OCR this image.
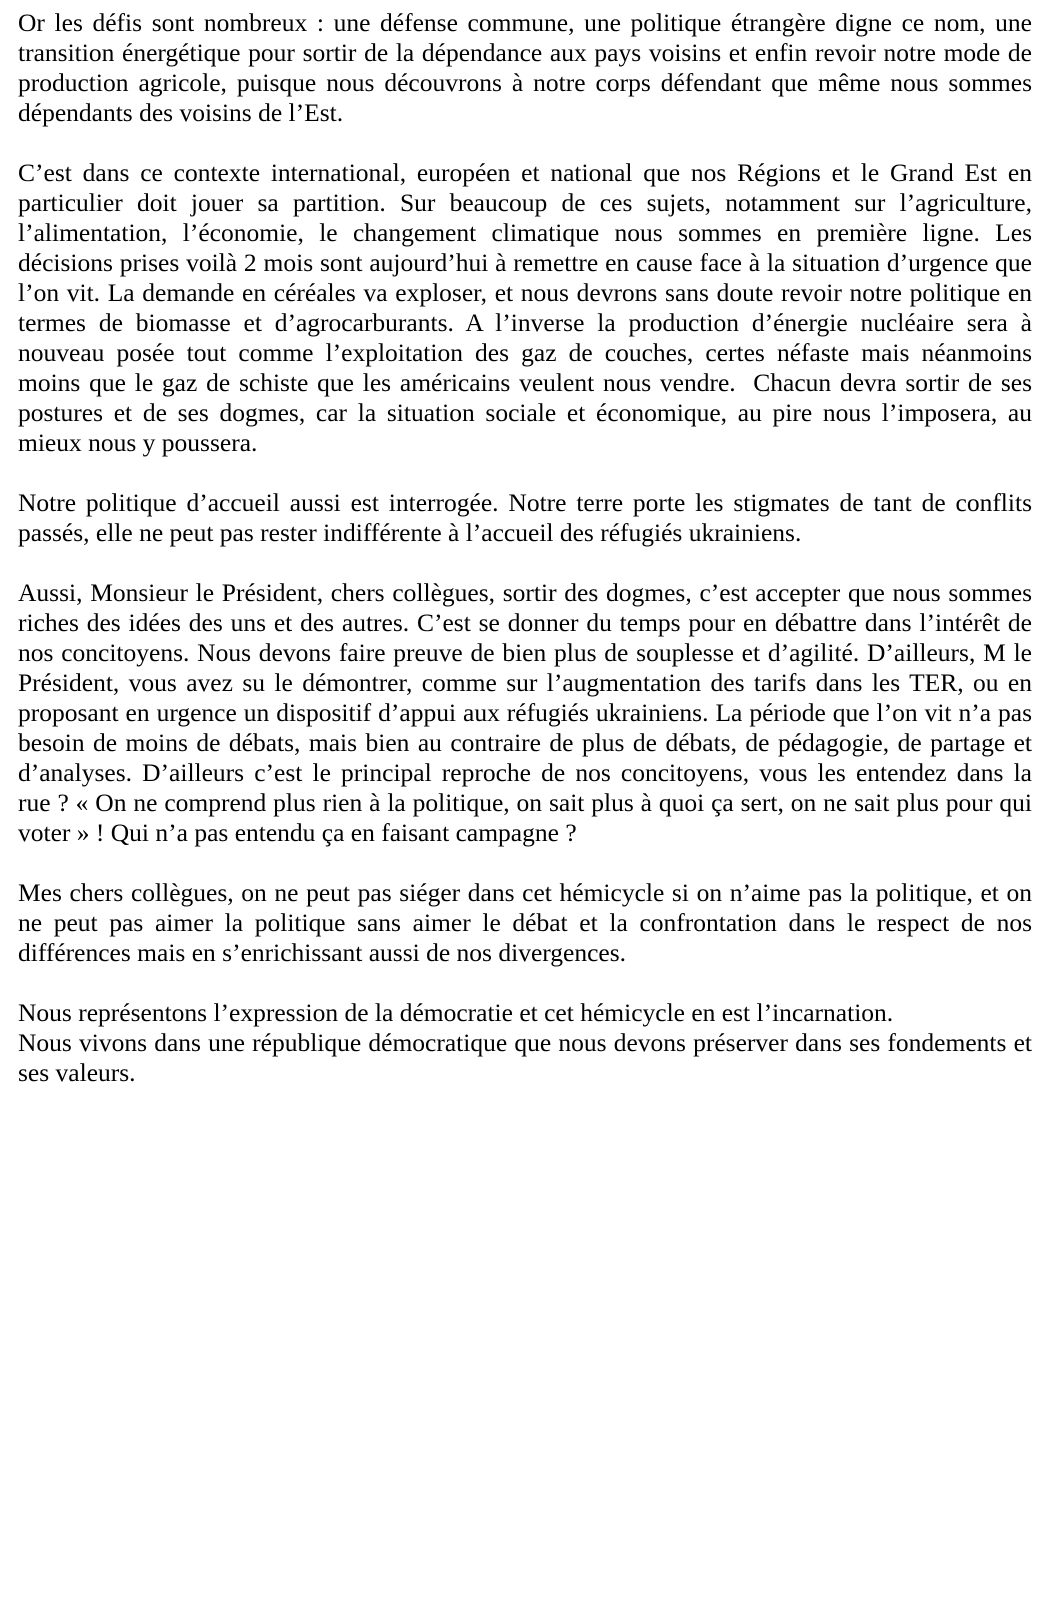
Or les défis sont nombreux : une défense commune, une politique étrangère digne ce nom, une transition énergétique pour sortir de la dépendance aux pays voisins et enfin revoir notre mode de production agricole, puisque nous découvrons à notre corps défendant que même nous sommes dépendants des voisins de l’Est.

C’est dans ce contexte international, européen et national que nos Régions et le Grand Est en particulier doit jouer sa partition. Sur beaucoup de ces sujets, notamment sur l’agriculture, l’alimentation, l’économie, le changement climatique nous sommes en première ligne. Les décisions prises voilà 2 mois sont aujourd’hui à remettre en cause face à la situation d’urgence que l’on vit. La demande en céréales va exploser, et nous devrons sans doute revoir notre politique en termes de biomasse et d’agrocarburants. A l’inverse la production d’énergie nucléaire sera à nouveau posée tout comme l’exploitation des gaz de couches, certes néfaste mais néanmoins moins que le gaz de schiste que les américains veulent nous vendre.  Chacun devra sortir de ses postures et de ses dogmes, car la situation sociale et économique, au pire nous l’imposera, au mieux nous y poussera.

Notre politique d’accueil aussi est interrogée. Notre terre porte les stigmates de tant de conflits passés, elle ne peut pas rester indifférente à l’accueil des réfugiés ukrainiens.

Aussi, Monsieur le Président, chers collègues, sortir des dogmes, c’est accepter que nous sommes riches des idées des uns et des autres. C’est se donner du temps pour en débattre dans l’intérêt de nos concitoyens. Nous devons faire preuve de bien plus de souplesse et d’agilité. D’ailleurs, M le Président, vous avez su le démontrer, comme sur l’augmentation des tarifs dans les TER, ou en proposant en urgence un dispositif d’appui aux réfugiés ukrainiens. La période que l’on vit n’a pas besoin de moins de débats, mais bien au contraire de plus de débats, de pédagogie, de partage et d’analyses. D’ailleurs c’est le principal reproche de nos concitoyens, vous les entendez dans la rue ? « On ne comprend plus rien à la politique, on sait plus à quoi ça sert, on ne sait plus pour qui voter » ! Qui n’a pas entendu ça en faisant campagne ?

Mes chers collègues, on ne peut pas siéger dans cet hémicycle si on n’aime pas la politique, et on ne peut pas aimer la politique sans aimer le débat et la confrontation dans le respect de nos différences mais en s’enrichissant aussi de nos divergences.

Nous représentons l’expression de la démocratie et cet hémicycle en est l’incarnation.
Nous vivons dans une république démocratique que nous devons préserver dans ses fondements et ses valeurs.
